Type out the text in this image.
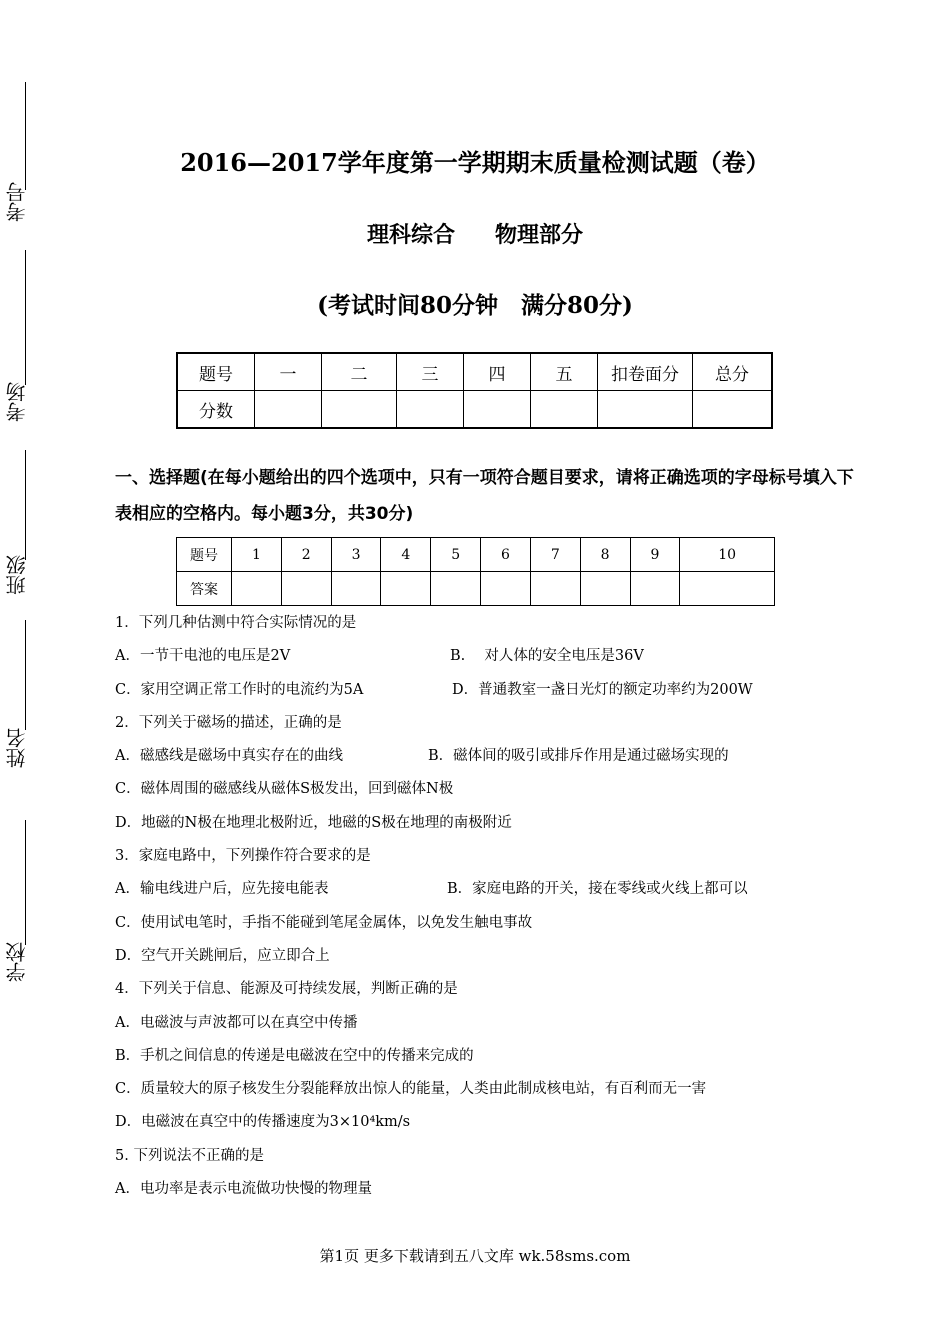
考号
考场
班级
姓名
学校
2016—2017学年度第一学期期末质量检测试题（卷）
理科综合 物理部分
(考试时间80分钟　满分80分)
题号	一	二	三	四	五	扣卷面分	总分
分数							
一、选择题(在每小题给出的四个选项中，只有一项符合题目要求，请将正确选项的字母标号填入下表相应的空格内。每小题3分，共30分)
题号	1	2	3	4	5	6	7	8	9	10
答案										
1．下列几种估测中符合实际情况的是
A．一节干电池的电压是2V	B.　 对人体的安全电压是36V
C．家用空调正常工作时的电流约为5A	D．普通教室一盏日光灯的额定功率约为200W
2．下列关于磁场的描述，正确的是
A．磁感线是磁场中真实存在的曲线	B．磁体间的吸引或排斥作用是通过磁场实现的
C．磁体周围的磁感线从磁体S极发出，回到磁体N极
D．地磁的N极在地理北极附近，地磁的S极在地理的南极附近
3．家庭电路中，下列操作符合要求的是
A．输电线进户后，应先接电能表	B．家庭电路的开关，接在零线或火线上都可以
C．使用试电笔时，手指不能碰到笔尾金属体，以免发生触电事故
D．空气开关跳闸后，应立即合上
4．下列关于信息、能源及可持续发展，判断正确的是
A．电磁波与声波都可以在真空中传播
B．手机之间信息的传递是电磁波在空中的传播来完成的
C．质量较大的原子核发生分裂能释放出惊人的能量，人类由此制成核电站，有百利而无一害
D．电磁波在真空中的传播速度为3×10⁴km/s
5. 下列说法不正确的是
A．电功率是表示电流做功快慢的物理量
第1页 更多下载请到五八文库 wk.58sms.com
